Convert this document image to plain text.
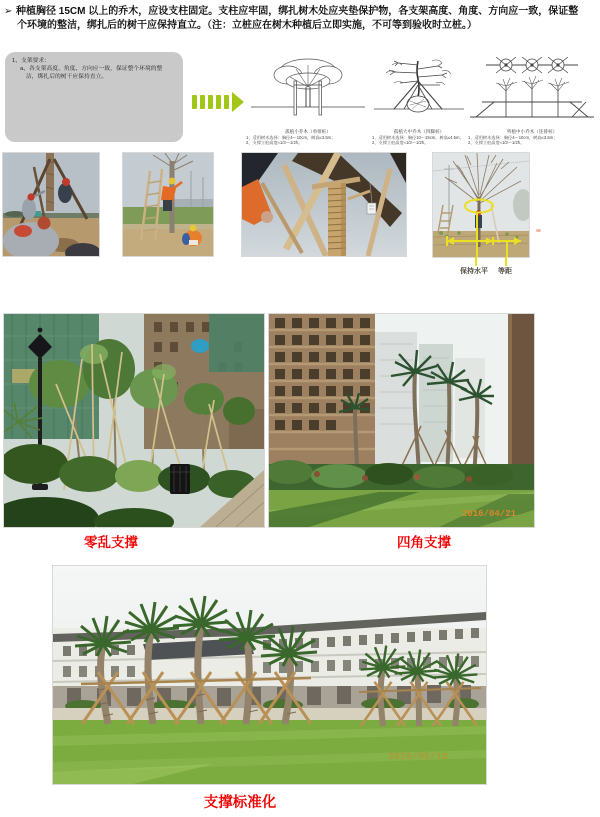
➢ 种植胸径 15CM 以上的乔木，应设支柱固定。支柱应牢固，绑扎树木处应夹垫保护物，各支架高度、角度、方向应一致，保证整
个环境的整洁，绑扎后的树干应保持直立。（注：立桩应在树木种植后立即实施，不可等到验收时立桩。）
1、支架要求：
a、各支架高度、角度、方向应一致，保证整个环境的整
洁，绑扎后的树干应保持直立。
孤植小乔木（单排桩）
1、适用树木选择：胸径4～10cm，树高≤3.5m；
2、支撑立桩高度≈1/3～1/2h。
孤植大中乔木（四脚桩）
1、适用树木选择：胸径10～15cm，树高≤4.5m；
2、支撑立桩高度≈1/3～1/2h。
列植中小乔木（连排桩）
1、适用树木选择：胸径4～10cm，树高≤3.5m；
2、支撑立桩高度≈1/3～1/2h。
保持水平 等距
2016/04/21
零乱支撑	四角支撑
2016/05/18
支撑标准化
